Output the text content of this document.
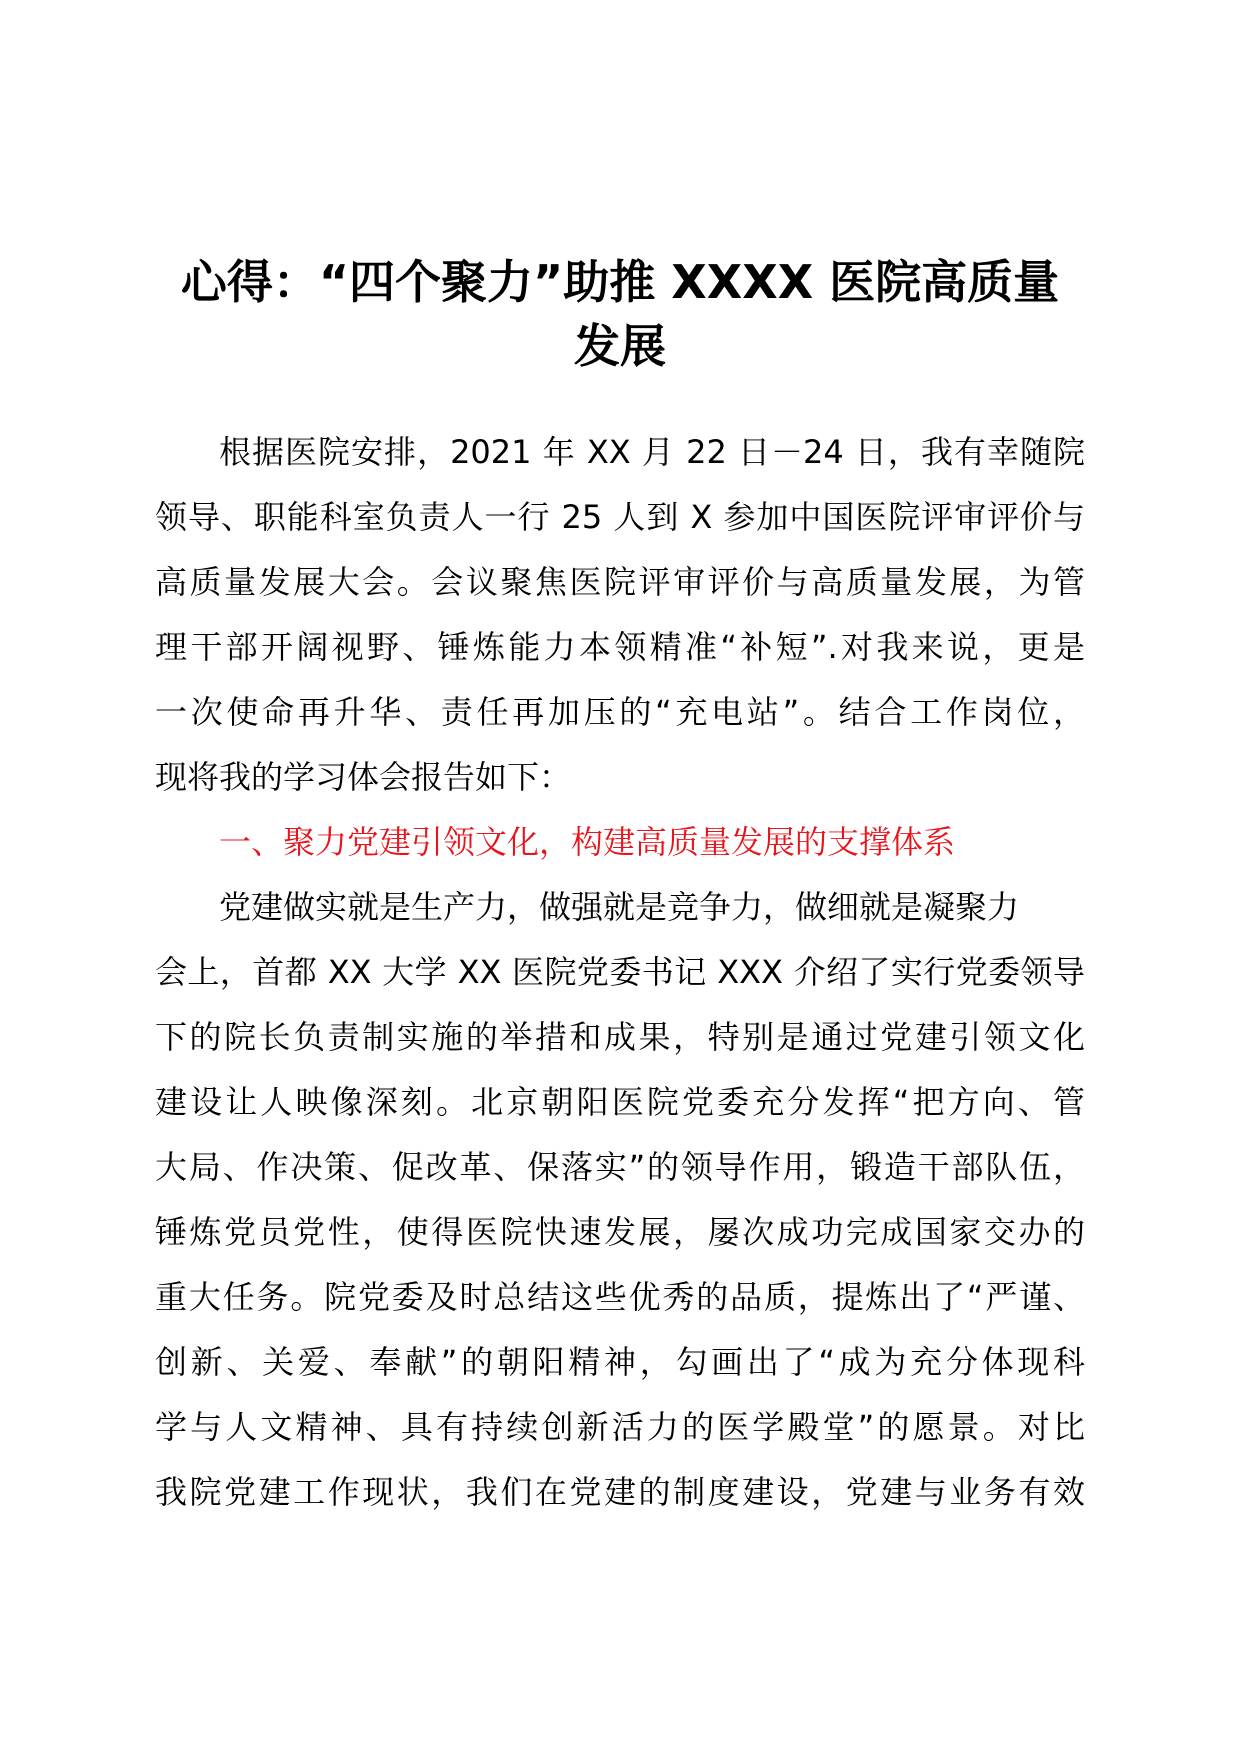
心得：“四个聚力”助推 XXXX 医院高质量
发展
根据医院安排，2021 年 XX 月 22 日－24 日，我有幸随院
领导、职能科室负责人一行 25 人到 X 参加中国医院评审评价与
高质量发展大会。会议聚焦医院评审评价与高质量发展，为管
理干部开阔视野、锤炼能力本领精准“补短”.对我来说，更是
一次使命再升华、责任再加压的“充电站”。结合工作岗位，
现将我的学习体会报告如下：
一、聚力党建引领文化，构建高质量发展的支撑体系
党建做实就是生产力，做强就是竞争力，做细就是凝聚力
会上，首都 XX 大学 XX 医院党委书记 XXX 介绍了实行党委领导
下的院长负责制实施的举措和成果，特别是通过党建引领文化
建设让人映像深刻。北京朝阳医院党委充分发挥“把方向、管
大局、作决策、促改革、保落实”的领导作用，锻造干部队伍，
锤炼党员党性，使得医院快速发展，屡次成功完成国家交办的
重大任务。院党委及时总结这些优秀的品质，提炼出了“严谨、
创新、关爱、奉献”的朝阳精神，勾画出了“成为充分体现科
学与人文精神、具有持续创新活力的医学殿堂”的愿景。对比
我院党建工作现状，我们在党建的制度建设，党建与业务有效
